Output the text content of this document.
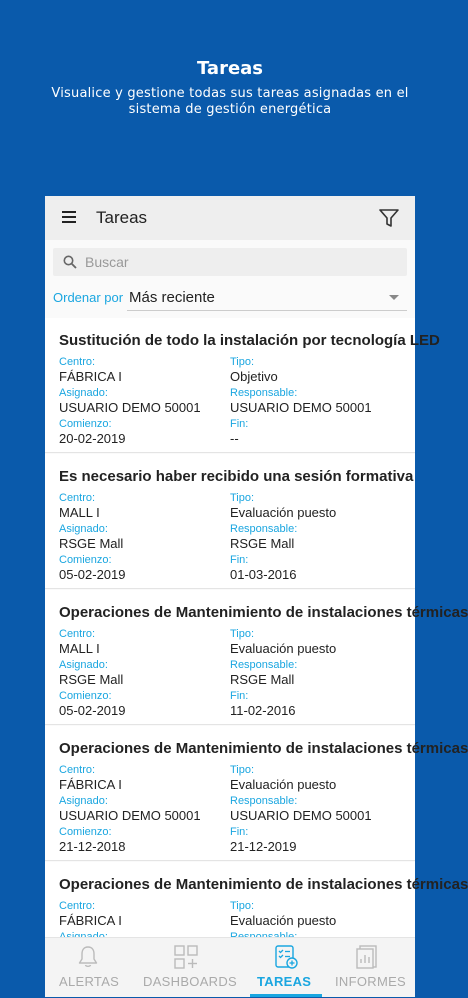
Tareas
Visualice y gestione todas sus tareas asignadas en el
sistema de gestión energética
Tareas
Buscar
Ordenar por Más reciente
Sustitución de todo la instalación por tecnología LED
Centro:
FÁBRICA I
Tipo:
Objetivo
Asignado:
USUARIO DEMO 50001
Responsable:
USUARIO DEMO 50001
Comienzo:
20-02-2019
Fin:
--
Es necesario haber recibido una sesión formativa
Centro:
MALL I
Tipo:
Evaluación puesto
Asignado:
RSGE Mall
Responsable:
RSGE Mall
Comienzo:
05-02-2019
Fin:
01-03-2016
Operaciones de Mantenimiento de instalaciones térmicas
Centro:
MALL I
Tipo:
Evaluación puesto
Asignado:
RSGE Mall
Responsable:
RSGE Mall
Comienzo:
05-02-2019
Fin:
11-02-2016
Operaciones de Mantenimiento de instalaciones térmicas
Centro:
FÁBRICA I
Tipo:
Evaluación puesto
Asignado:
USUARIO DEMO 50001
Responsable:
USUARIO DEMO 50001
Comienzo:
21-12-2018
Fin:
21-12-2019
Operaciones de Mantenimiento de instalaciones térmicas
Centro:
FÁBRICA I
Tipo:
Evaluación puesto
ALERTAS DASHBOARDS TAREAS INFORMES
